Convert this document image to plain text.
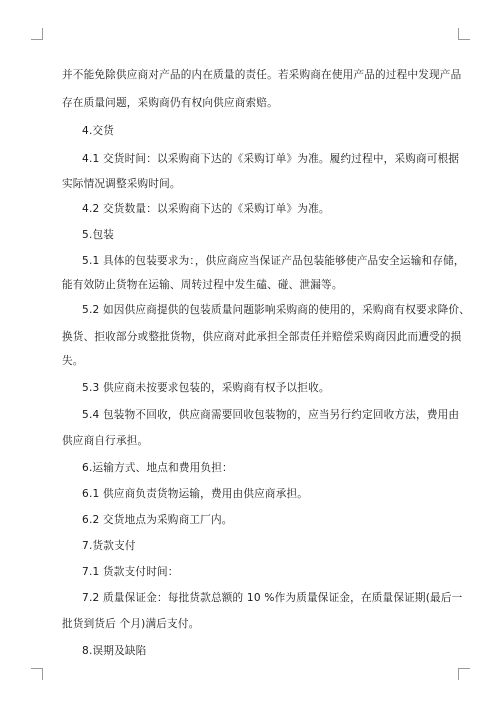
并不能免除供应商对产品的内在质量的责任。若采购商在使用产品的过程中发现产品
存在质量问题，采购商仍有权向供应商索赔。
4.交货
4.1 交货时间：以采购商下达的《采购订单》为准。履约过程中，采购商可根据
实际情况调整采购时间。
4.2 交货数量：以采购商下达的《采购订单》为准。
5.包装
5.1 具体的包装要求为：，供应商应当保证产品包装能够使产品安全运输和存储，
能有效防止货物在运输、周转过程中发生磕、碰、泄漏等。
5.2 如因供应商提供的包装质量问题影响采购商的使用的，采购商有权要求降价、
换货、拒收部分或整批货物，供应商对此承担全部责任并赔偿采购商因此而遭受的损
失。
5.3 供应商未按要求包装的，采购商有权予以拒收。
5.4 包装物不回收，供应商需要回收包装物的，应当另行约定回收方法，费用由
供应商自行承担。
6.运输方式、地点和费用负担：
6.1 供应商负责货物运输，费用由供应商承担。
6.2 交货地点为采购商工厂内。
7.货款支付
7.1 货款支付时间：
7.2 质量保证金：每批货款总额的 10 %作为质量保证金，在质量保证期(最后一
批货到货后 个月)满后支付。
8.误期及缺陷
